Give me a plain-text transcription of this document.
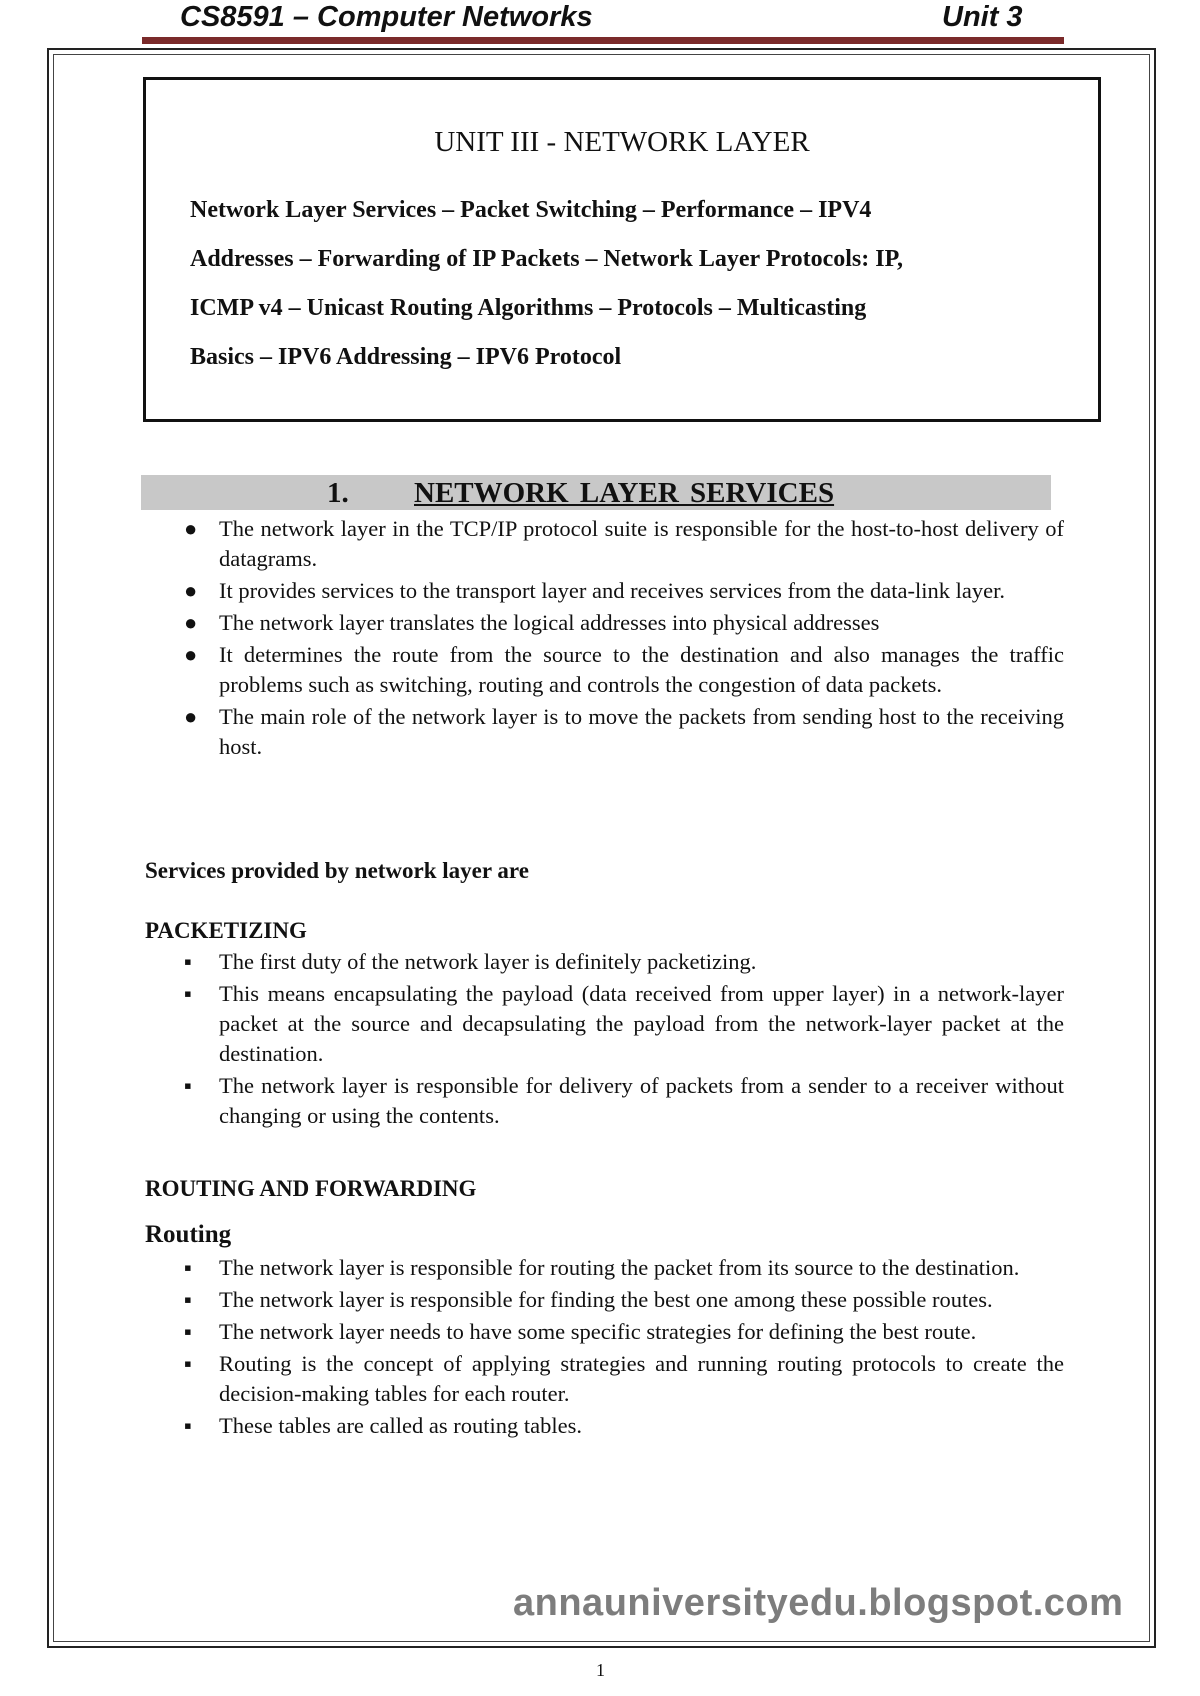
CS8591 – Computer Networks	Unit 3
UNIT III - NETWORK LAYER
Network Layer Services – Packet Switching – Performance – IPV4
Addresses – Forwarding of IP Packets – Network Layer Protocols: IP,
ICMP v4 – Unicast Routing Algorithms – Protocols – Multicasting
Basics – IPV6 Addressing – IPV6 Protocol
1. NETWORK LAYER SERVICES
● The network layer in the TCP/IP protocol suite is responsible for the host-to-host delivery of datagrams.
● It provides services to the transport layer and receives services from the data-link layer.
● The network layer translates the logical addresses into physical addresses
● It determines the route from the source to the destination and also manages the traffic problems such as switching, routing and controls the congestion of data packets.
● The main role of the network layer is to move the packets from sending host to the receiving host.
Services provided by network layer are
PACKETIZING
▪ The first duty of the network layer is definitely packetizing.
▪ This means encapsulating the payload (data received from upper layer) in a network-layer packet at the source and decapsulating the payload from the network-layer packet at the destination.
▪ The network layer is responsible for delivery of packets from a sender to a receiver without changing or using the contents.
ROUTING AND FORWARDING
Routing
▪ The network layer is responsible for routing the packet from its source to the destination.
▪ The network layer is responsible for finding the best one among these possible routes.
▪ The network layer needs to have some specific strategies for defining the best route.
▪ Routing is the concept of applying strategies and running routing protocols to create the decision-making tables for each router.
▪ These tables are called as routing tables.
annauniversityedu.blogspot.com
1
